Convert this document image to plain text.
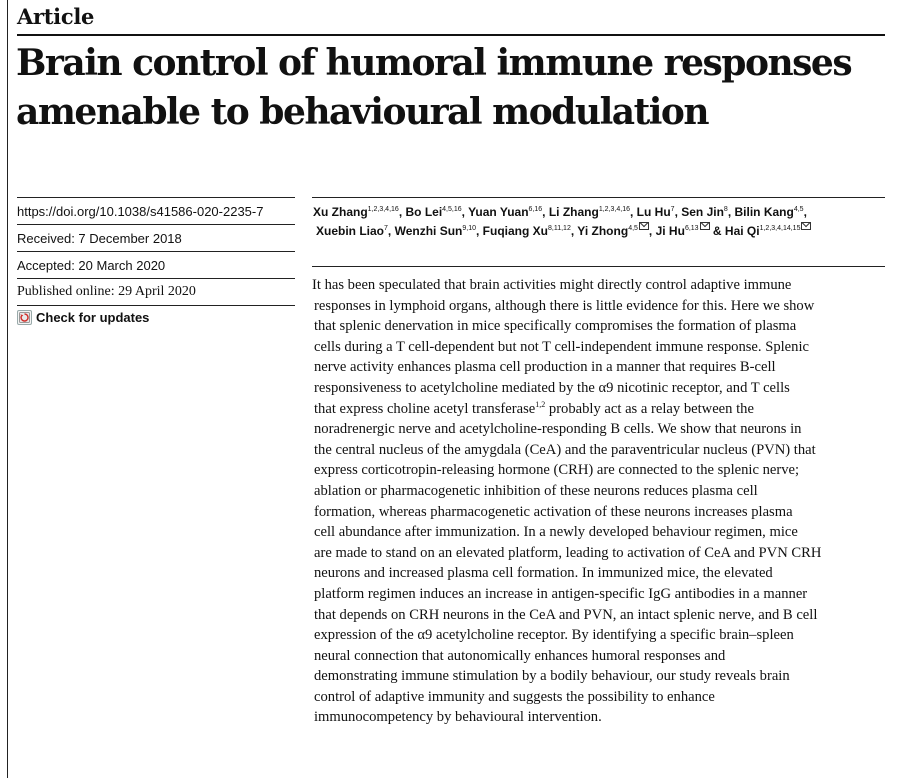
Article
Brain control of humoral immune responses
amenable to behavioural modulation
https://doi.org/10.1038/s41586-020-2235-7
Received: 7 December 2018
Accepted: 20 March 2020
Published online: 29 April 2020
Check for updates
Xu Zhang$^{1,2,3,4,16}$, Bo Lei$^{4,5,16}$, Yuan Yuan$^{6,16}$, Li Zhang$^{1,2,3,4,16}$, Lu Hu$^7$, Sen Jin$^8$, Bilin Kang$^{4,5}$,
Xuebin Liao$^7$, Wenzhi Sun$^{9,10}$, Fuqiang Xu$^{8,11,12}$, Yi Zhong$^{4,5}$ , Ji Hu$^{6,13}$ & Hai Qi$^{1,2,3,4,14,15}$
It has been speculated that brain activities might directly control adaptive immune
responses in lymphoid organs, although there is little evidence for this. Here we show
that splenic denervation in mice specifically compromises the formation of plasma
cells during a T cell-dependent but not T cell-independent immune response. Splenic
nerve activity enhances plasma cell production in a manner that requires B-cell
responsiveness to acetylcholine mediated by the α9 nicotinic receptor, and T cells
that express choline acetyl transferase$^{1,2}$ probably act as a relay between the
noradrenergic nerve and acetylcholine-responding B cells. We show that neurons in
the central nucleus of the amygdala (CeA) and the paraventricular nucleus (PVN) that
express corticotropin-releasing hormone (CRH) are connected to the splenic nerve;
ablation or pharmacogenetic inhibition of these neurons reduces plasma cell
formation, whereas pharmacogenetic activation of these neurons increases plasma
cell abundance after immunization. In a newly developed behaviour regimen, mice
are made to stand on an elevated platform, leading to activation of CeA and PVN CRH
neurons and increased plasma cell formation. In immunized mice, the elevated
platform regimen induces an increase in antigen-specific IgG antibodies in a manner
that depends on CRH neurons in the CeA and PVN, an intact splenic nerve, and B cell
expression of the α9 acetylcholine receptor. By identifying a specific brain–spleen
neural connection that autonomically enhances humoral responses and
demonstrating immune stimulation by a bodily behaviour, our study reveals brain
control of adaptive immunity and suggests the possibility to enhance
immunocompetency by behavioural intervention.
